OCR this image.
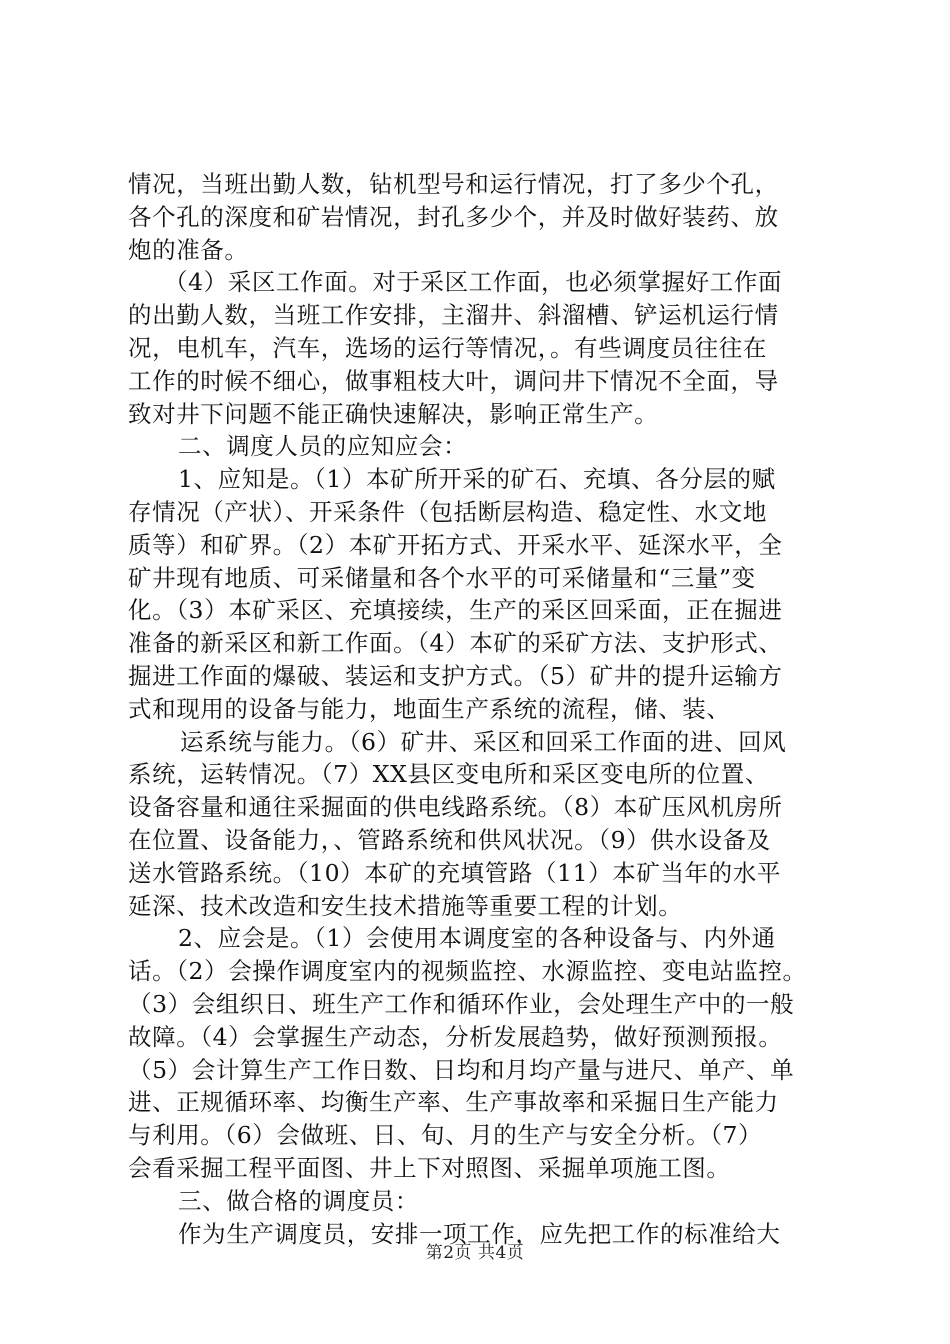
情况，当班出勤人数，钻机型号和运行情况，打了多少个孔，
各个孔的深度和矿岩情况，封孔多少个，并及时做好装药、放
炮的准备。
（4）采区工作面。对于采区工作面，也必须掌握好工作面
的出勤人数，当班工作安排，主溜井、斜溜槽、铲运机运行情
况，电机车，汽车，选场的运行等情况，。有些调度员往往在
工作的时候不细心，做事粗枝大叶，调问井下情况不全面，导
致对井下问题不能正确快速解决，影响正常生产。
二、调度人员的应知应会：
1、应知是。（1）本矿所开采的矿石、充填、各分层的赋
存情况（产状）、开采条件（包括断层构造、稳定性、水文地
质等）和矿界。（2）本矿开拓方式、开采水平、延深水平，全
矿井现有地质、可采储量和各个水平的可采储量和“三量”变
化。（3）本矿采区、充填接续，生产的采区回采面，正在掘进
准备的新采区和新工作面。（4）本矿的采矿方法、支护形式、
掘进工作面的爆破、装运和支护方式。（5）矿井的提升运输方
式和现用的设备与能力，地面生产系统的流程，储、装、
运系统与能力。（6）矿井、采区和回采工作面的进、回风
系统，运转情况。（7）XX县区变电所和采区变电所的位置、
设备容量和通往采掘面的供电线路系统。（8）本矿压风机房所
在位置、设备能力，、管路系统和供风状况。（9）供水设备及
送水管路系统。（10）本矿的充填管路（11）本矿当年的水平
延深、技术改造和安生技术措施等重要工程的计划。
2、应会是。（1）会使用本调度室的各种设备与、内外通
话。（2）会操作调度室内的视频监控、水源监控、变电站监控。
（3）会组织日、班生产工作和循环作业，会处理生产中的一般
故障。（4）会掌握生产动态，分析发展趋势，做好预测预报。
（5）会计算生产工作日数、日均和月均产量与进尺、单产、单
进、正规循环率、均衡生产率、生产事故率和采掘日生产能力
与利用。（6）会做班、日、旬、月的生产与安全分析。（7）
会看采掘工程平面图、井上下对照图、采掘单项施工图。
三、做合格的调度员：
作为生产调度员，安排一项工作，应先把工作的标准给大
第2页 共4页
